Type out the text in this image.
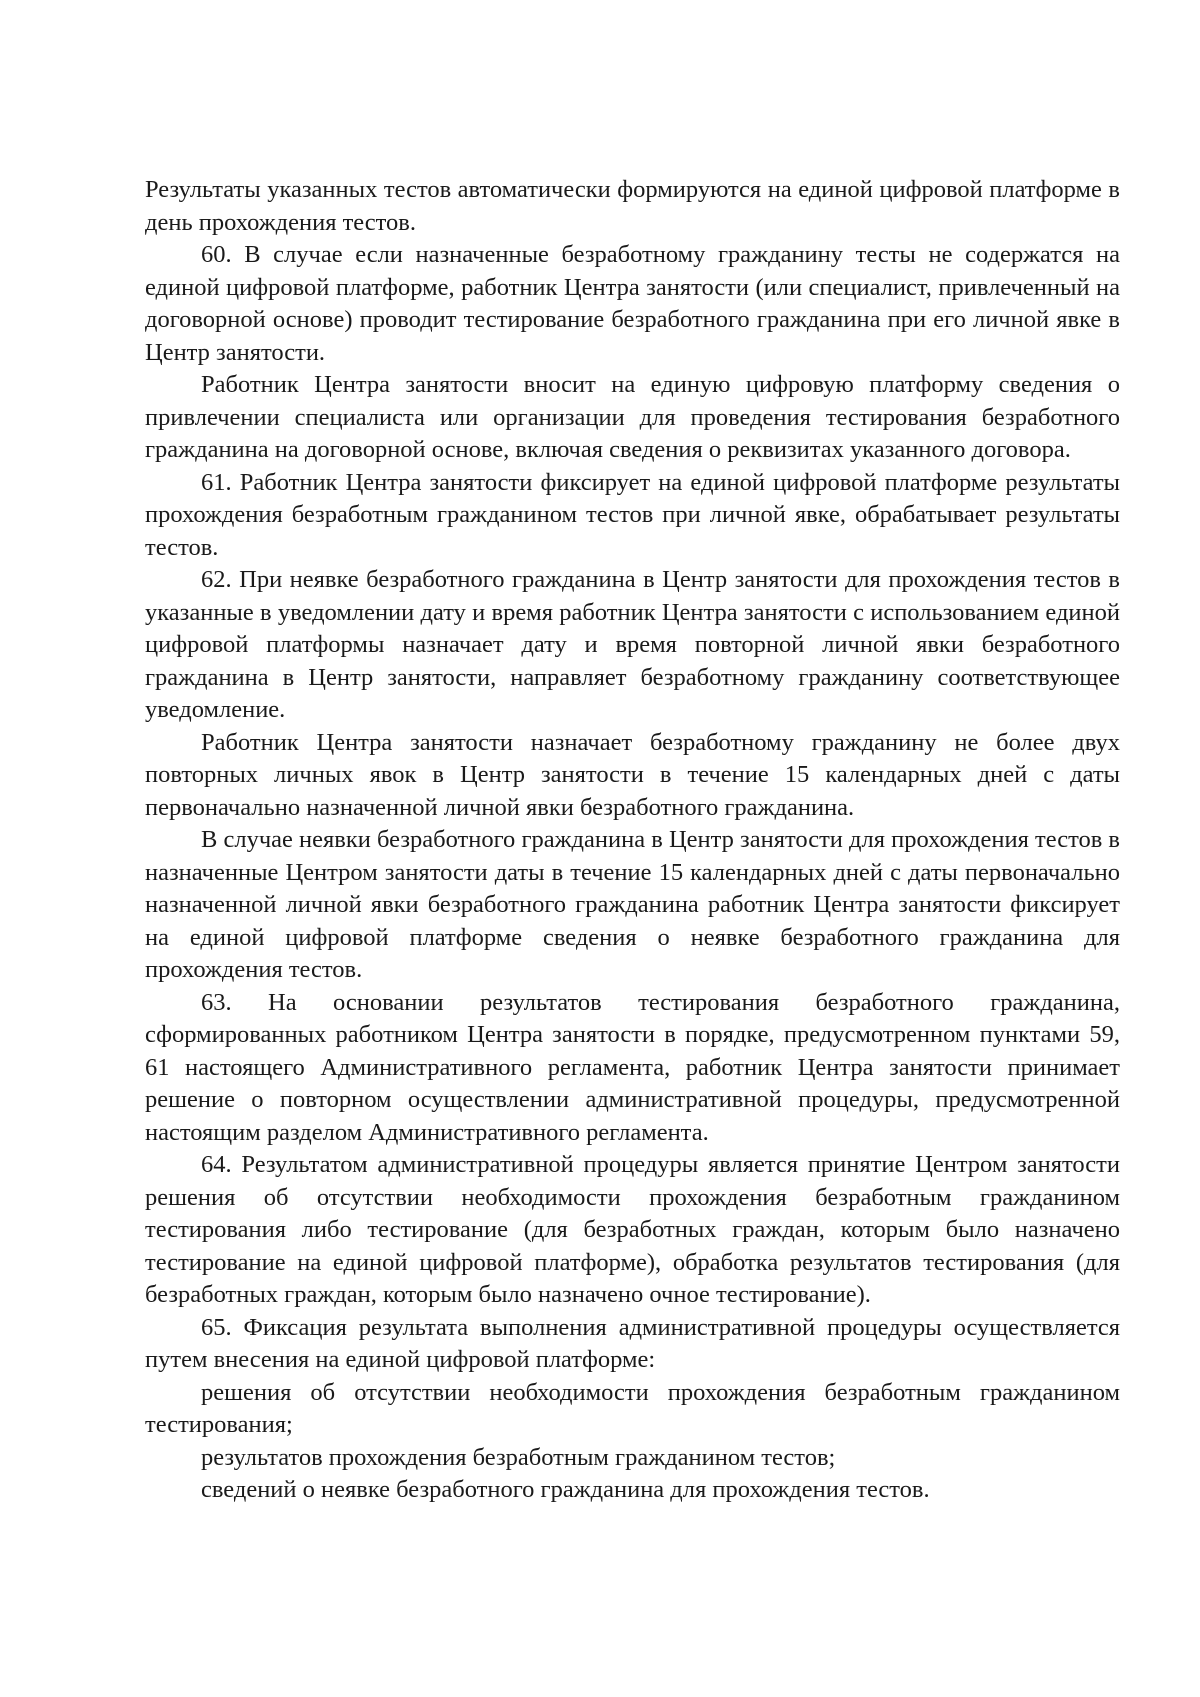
Результаты указанных тестов автоматически формируются на единой цифровой платформе в день прохождения тестов.

60. В случае если назначенные безработному гражданину тесты не содержатся на единой цифровой платформе, работник Центра занятости (или специалист, привлеченный на договорной основе) проводит тестирование безработного гражданина при его личной явке в Центр занятости.

Работник Центра занятости вносит на единую цифровую платформу сведения о привлечении специалиста или организации для проведения тестирования безработного гражданина на договорной основе, включая сведения о реквизитах указанного договора.

61. Работник Центра занятости фиксирует на единой цифровой платформе результаты прохождения безработным гражданином тестов при личной явке, обрабатывает результаты тестов.

62. При неявке безработного гражданина в Центр занятости для прохождения тестов в указанные в уведомлении дату и время работник Центра занятости с использованием единой цифровой платформы назначает дату и время повторной личной явки безработного гражданина в Центр занятости, направляет безработному гражданину соответствующее уведомление.

Работник Центра занятости назначает безработному гражданину не более двух повторных личных явок в Центр занятости в течение 15 календарных дней с даты первоначально назначенной личной явки безработного гражданина.

В случае неявки безработного гражданина в Центр занятости для прохождения тестов в назначенные Центром занятости даты в течение 15 календарных дней с даты первоначально назначенной личной явки безработного гражданина работник Центра занятости фиксирует на единой цифровой платформе сведения о неявке безработного гражданина для прохождения тестов.

63. На основании результатов тестирования безработного гражданина, сформированных работником Центра занятости в порядке, предусмотренном пунктами 59, 61 настоящего Административного регламента, работник Центра занятости принимает решение о повторном осуществлении административной процедуры, предусмотренной настоящим разделом Административного регламента.

64. Результатом административной процедуры является принятие Центром занятости решения об отсутствии необходимости прохождения безработным гражданином тестирования либо тестирование (для безработных граждан, которым было назначено тестирование на единой цифровой платформе), обработка результатов тестирования (для безработных граждан, которым было назначено очное тестирование).

65. Фиксация результата выполнения административной процедуры осуществляется путем внесения на единой цифровой платформе:

решения об отсутствии необходимости прохождения безработным гражданином тестирования;

результатов прохождения безработным гражданином тестов;

сведений о неявке безработного гражданина для прохождения тестов.
